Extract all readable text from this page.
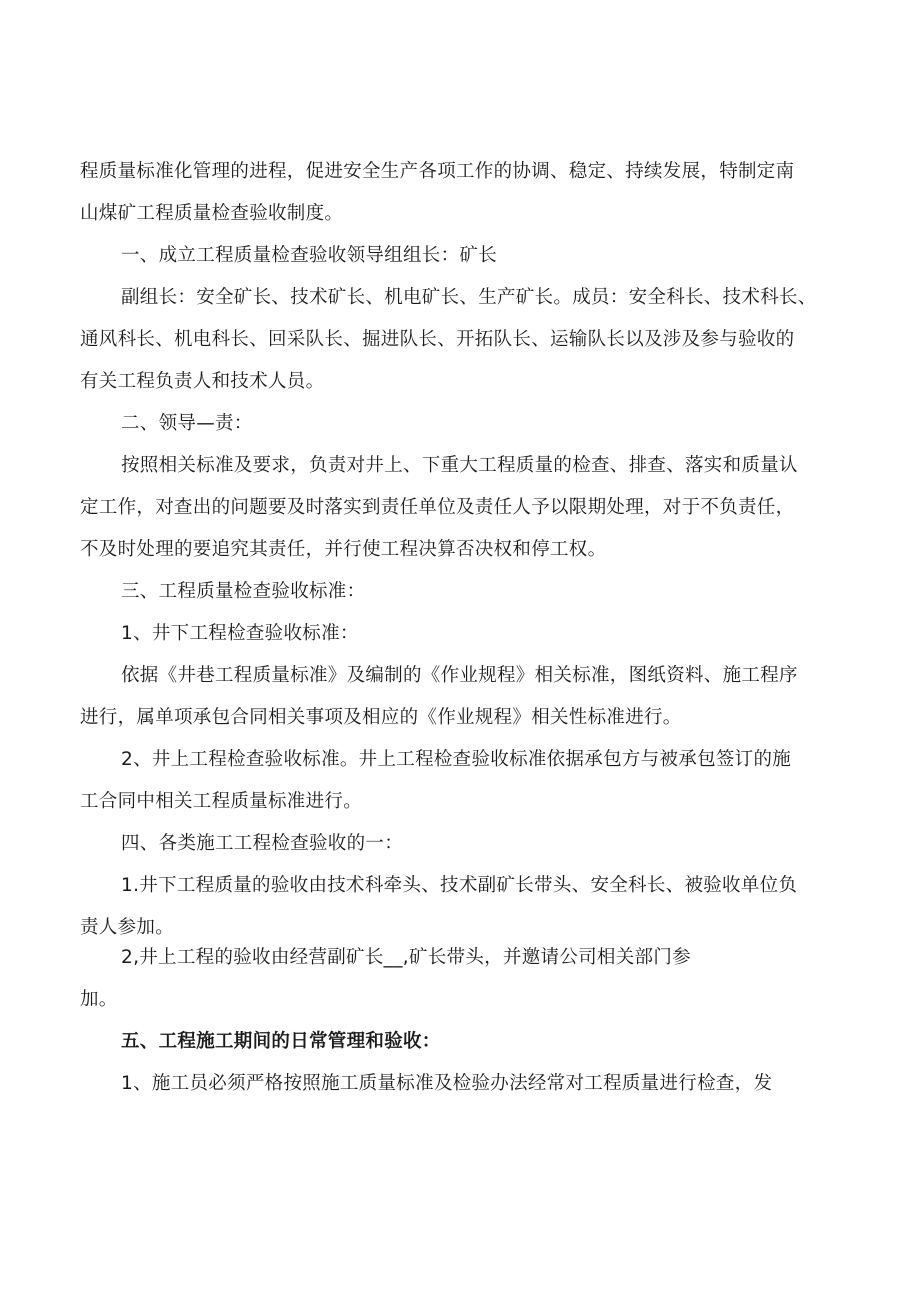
程质量标准化管理的进程，促进安全生产各项工作的协调、稳定、持续发展，特制定南
山煤矿工程质量检查验收制度。
一、成立工程质量检查验收领导组组长：矿长
副组长：安全矿长、技术矿长、机电矿长、生产矿长。成员：安全科长、技术科长、
通风科长、机电科长、回采队长、掘进队长、开拓队长、运输队长以及涉及参与验收的
有关工程负责人和技术人员。
二、领导—责：
按照相关标准及要求，负责对井上、下重大工程质量的检查、排查、落实和质量认
定工作，对查出的问题要及时落实到责任单位及责任人予以限期处理，对于不负责任，
不及时处理的要追究其责任，并行使工程决算否决权和停工权。
三、工程质量检查验收标准：
1、井下工程检查验收标准：
依据《井巷工程质量标准》及编制的《作业规程》相关标准，图纸资料、施工程序
进行，属单项承包合同相关事项及相应的《作业规程》相关性标准进行。
2、井上工程检查验收标准。井上工程检查验收标准依据承包方与被承包签订的施
工合同中相关工程质量标准进行。
四、各类施工工程检查验收的一：
1.井下工程质量的验收由技术科牵头、技术副矿长带头、安全科长、被验收单位负
责人参加。
2,井上工程的验收由经营副矿长__,矿长带头，并邀请公司相关部门参
加。
五、工程施工期间的日常管理和验收：
1、施工员必须严格按照施工质量标准及检验办法经常对工程质量进行检查，发
